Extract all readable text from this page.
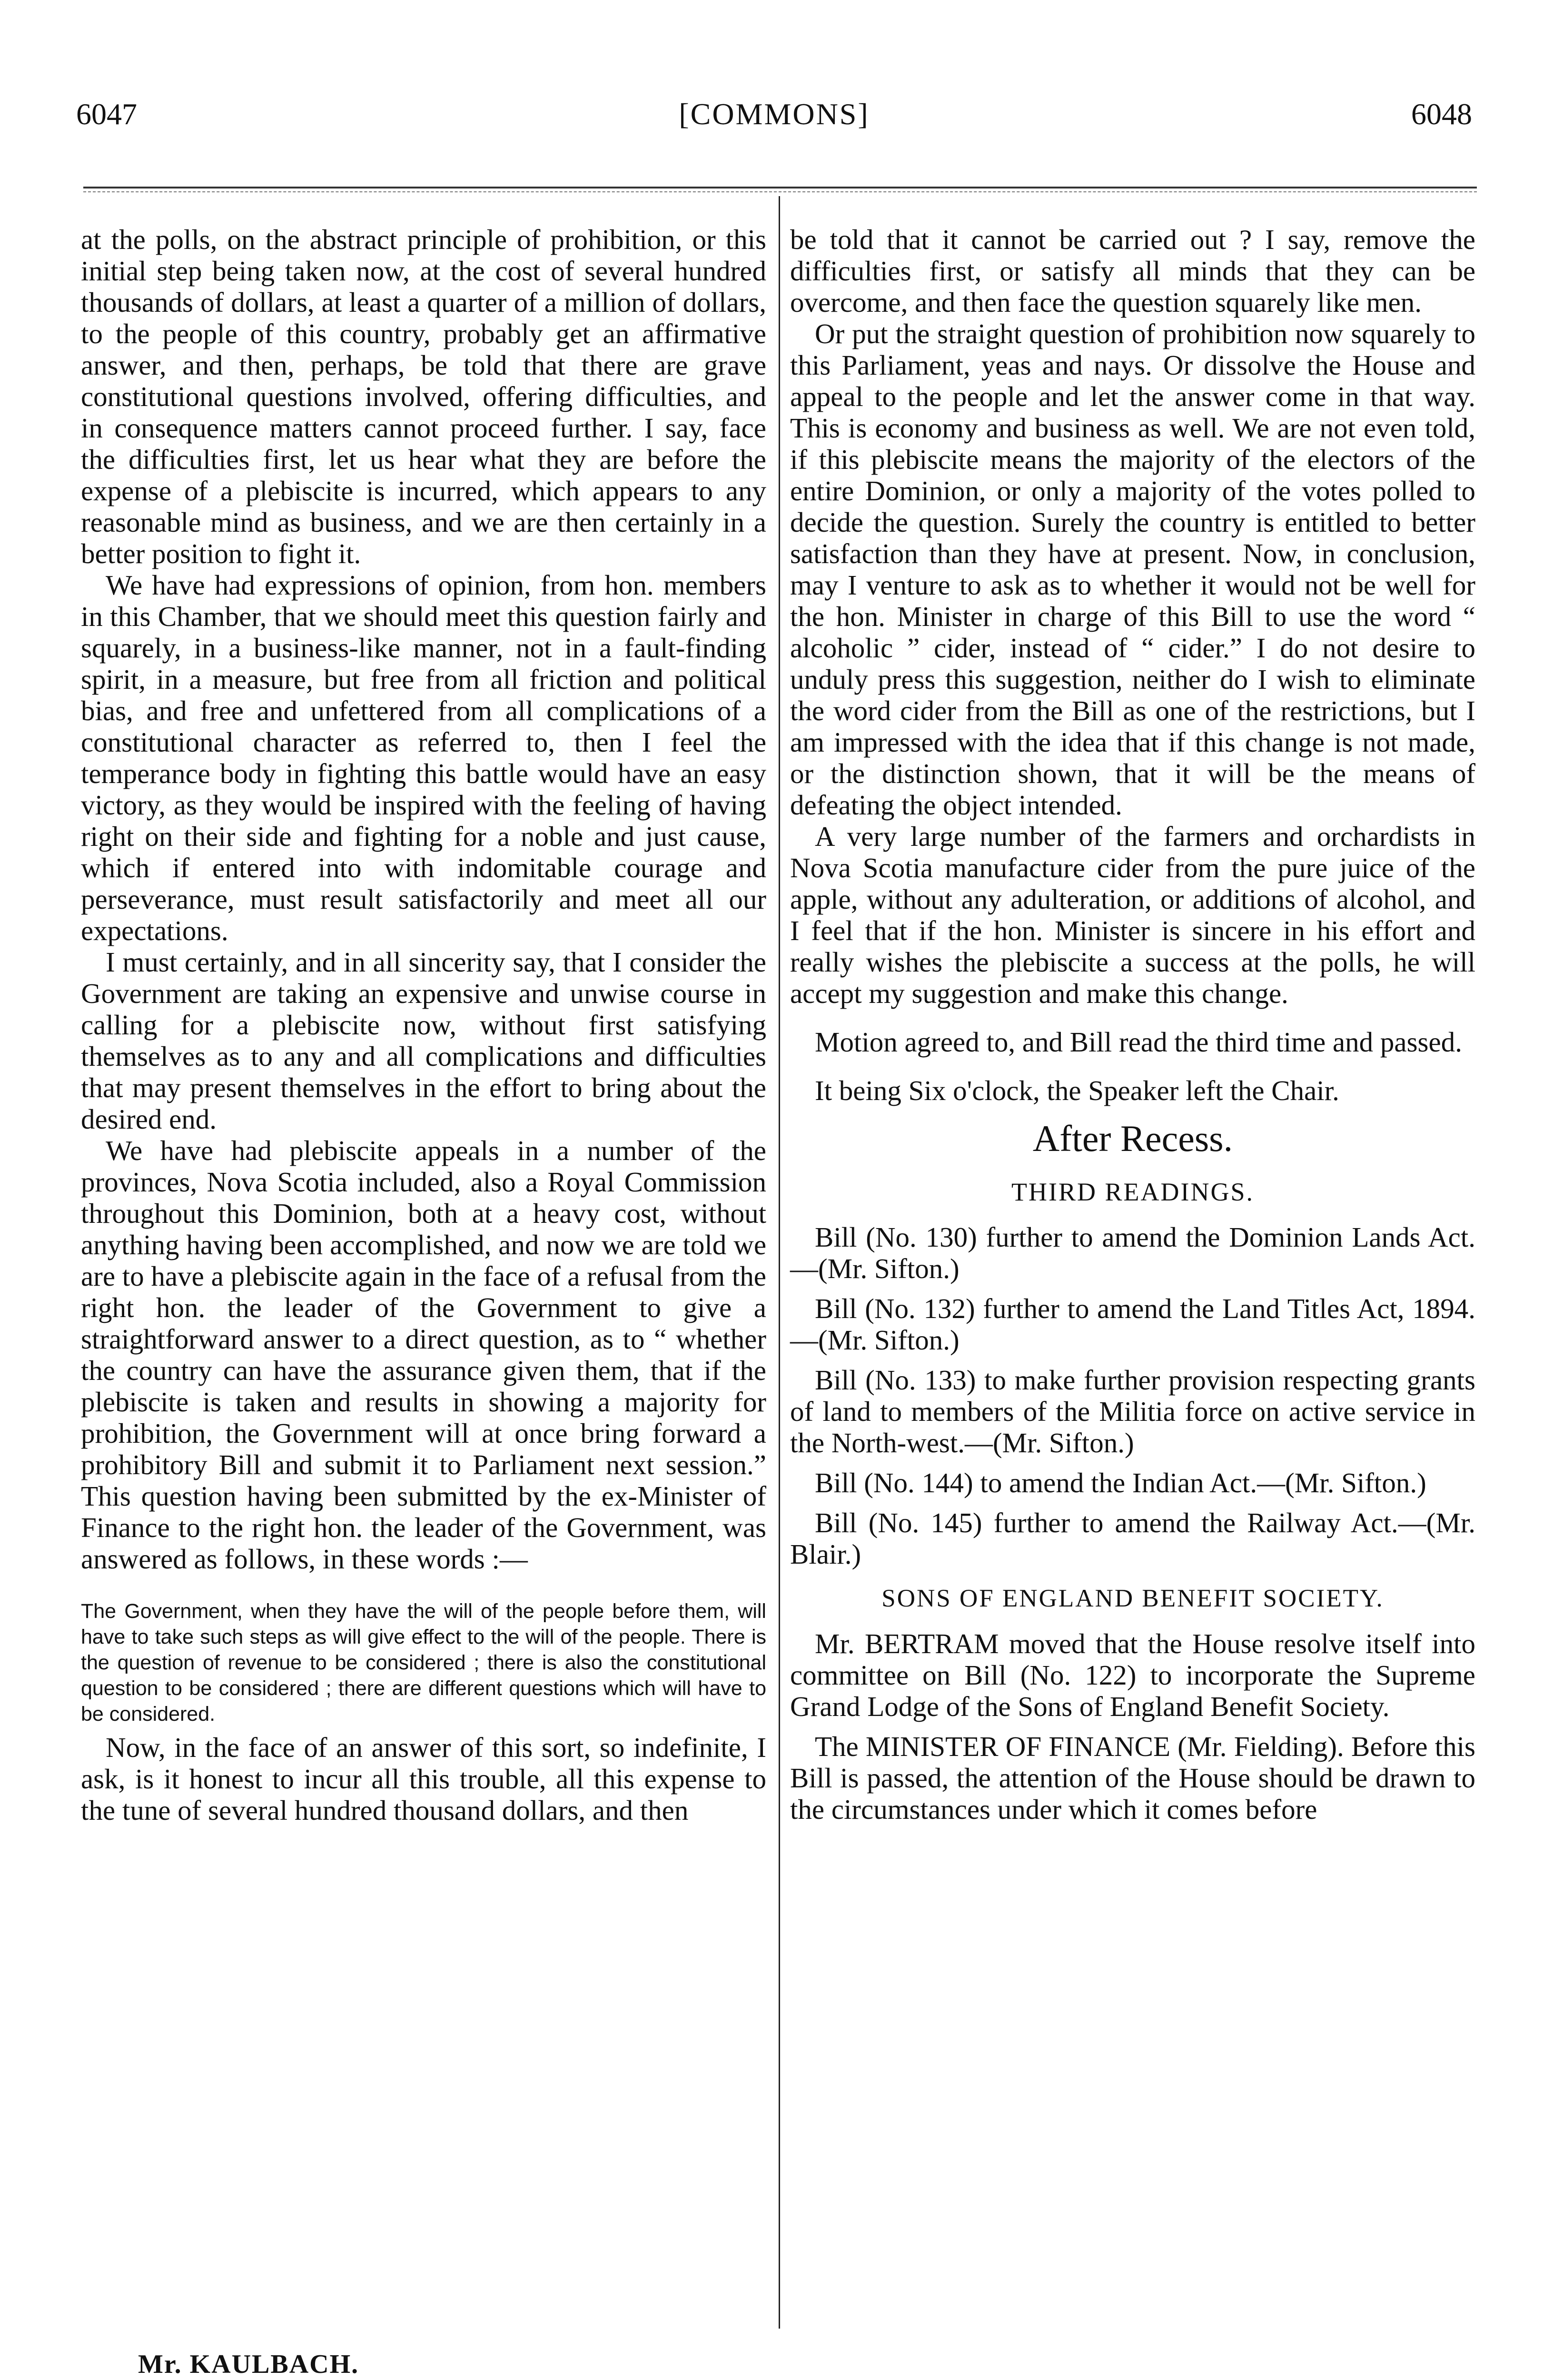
6047	[COMMONS]	6048

at the polls, on the abstract principle of prohibition, or this initial step being taken now, at the cost of several hundred thousands of dollars, at least a quarter of a million of dollars, to the people of this country, probably get an affirmative answer, and then, perhaps, be told that there are grave constitutional questions involved, offering difficulties, and in consequence matters cannot proceed further. I say, face the difficulties first, let us hear what they are before the expense of a plebiscite is incurred, which appears to any reasonable mind as business, and we are then certainly in a better position to fight it.

We have had expressions of opinion, from hon. members in this Chamber, that we should meet this question fairly and squarely, in a business-like manner, not in a fault-finding spirit, in a measure, but free from all friction and political bias, and free and unfettered from all complications of a constitutional character as referred to, then I feel the temperance body in fighting this battle would have an easy victory, as they would be inspired with the feeling of having right on their side and fighting for a noble and just cause, which if entered into with indomitable courage and perseverance, must result satisfactorily and meet all our expectations.

I must certainly, and in all sincerity say, that I consider the Government are taking an expensive and unwise course in calling for a plebiscite now, without first satisfying themselves as to any and all complications and difficulties that may present themselves in the effort to bring about the desired end.

We have had plebiscite appeals in a number of the provinces, Nova Scotia included, also a Royal Commission throughout this Dominion, both at a heavy cost, without anything having been accomplished, and now we are told we are to have a plebiscite again in the face of a refusal from the right hon. the leader of the Government to give a straightforward answer to a direct question, as to “ whether the country can have the assurance given them, that if the plebiscite is taken and results in showing a majority for prohibition, the Government will at once bring forward a prohibitory Bill and submit it to Parliament next session.” This question having been submitted by the ex-Minister of Finance to the right hon. the leader of the Government, was answered as follows, in these words :—

The Government, when they have the will of the people before them, will have to take such steps as will give effect to the will of the people. There is the question of revenue to be considered ; there is also the constitutional question to be considered ; there are different questions which will have to be considered.

Now, in the face of an answer of this sort, so indefinite, I ask, is it honest to incur all this trouble, all this expense to the tune of several hundred thousand dollars, and then

be told that it cannot be carried out ? I say, remove the difficulties first, or satisfy all minds that they can be overcome, and then face the question squarely like men.

Or put the straight question of prohibition now squarely to this Parliament, yeas and nays. Or dissolve the House and appeal to the people and let the answer come in that way. This is economy and business as well. We are not even told, if this plebiscite means the majority of the electors of the entire Dominion, or only a majority of the votes polled to decide the question. Surely the country is entitled to better satisfaction than they have at present. Now, in conclusion, may I venture to ask as to whether it would not be well for the hon. Minister in charge of this Bill to use the word “ alcoholic ” cider, instead of “ cider.” I do not desire to unduly press this suggestion, neither do I wish to eliminate the word cider from the Bill as one of the restrictions, but I am impressed with the idea that if this change is not made, or the distinction shown, that it will be the means of defeating the object intended.

A very large number of the farmers and orchardists in Nova Scotia manufacture cider from the pure juice of the apple, without any adulteration, or additions of alcohol, and I feel that if the hon. Minister is sincere in his effort and really wishes the plebiscite a success at the polls, he will accept my suggestion and make this change.

Motion agreed to, and Bill read the third time and passed.

It being Six o'clock, the Speaker left the Chair.

After Recess.
THIRD READINGS.

Bill (No. 130) further to amend the Dominion Lands Act.—(Mr. Sifton.)

Bill (No. 132) further to amend the Land Titles Act, 1894.—(Mr. Sifton.)

Bill (No. 133) to make further provision respecting grants of land to members of the Militia force on active service in the North-west.—(Mr. Sifton.)

Bill (No. 144) to amend the Indian Act.—(Mr. Sifton.)

Bill (No. 145) further to amend the Railway Act.—(Mr. Blair.)

SONS OF ENGLAND BENEFIT SOCIETY.

Mr. BERTRAM moved that the House resolve itself into committee on Bill (No. 122) to incorporate the Supreme Grand Lodge of the Sons of England Benefit Society.

The MINISTER OF FINANCE (Mr. Fielding). Before this Bill is passed, the attention of the House should be drawn to the circumstances under which it comes before

Mr. KAULBACH.
